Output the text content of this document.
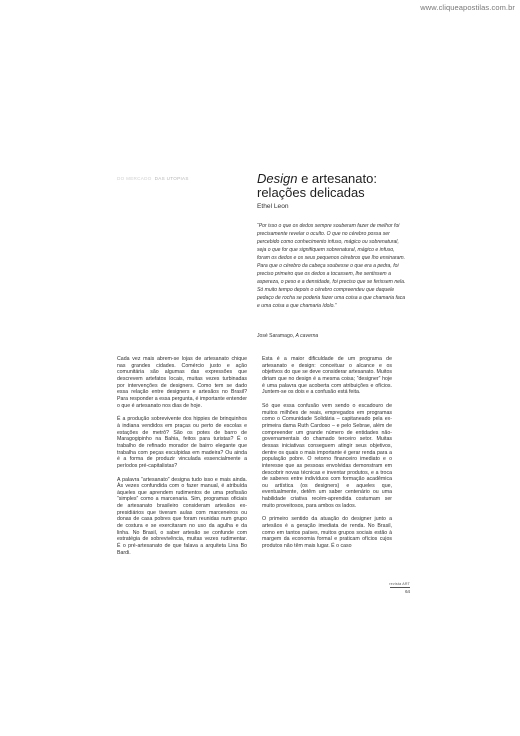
www.cliqueapostilas.com.br
DO MERCADO DAS UTOPIAS	Design e artesanato:
relações delicadas
Ethel Leon
“Por isso o que os dedos sempre souberam fazer de melhor foi precisamente revelar o oculto. O que no cérebro possa ser percebido como conhecimento infuso, mágico ou sobrenatural, seja o que for que signifiquem sobrenatural, mágico e infuso, foram os dedos e os seus pequenos cérebros que lho ensinaram. Para que o cérebro da cabeça soubesse o que era a pedra, foi preciso primeiro que os dedos a tocassem, lhe sentissem a aspereza, o peso e a densidade, foi preciso que se ferissem nela. Só muito tempo depois o cérebro compreendeu que daquele pedaço de rocha se poderia fazer uma coisa a que chamaria faca e uma coisa a que chamaria ídolo.”
José Saramago, A caverna

Cada vez mais abrem-se lojas de artesanato chique nas grandes cidades. Comércio justo e ação comunitária são algumas das expressões que descrevem artefatos locais, muitas vezes turbinadas por intervenções de designers. Como tem se dado essa relação entre designers e artesãos no Brasil? Para responder a essa pergunta, é importante entender o que é artesanato nos dias de hoje.

É a produção sobrevivente dos hippies de brinquinhos à indiana vendidos em praças ou perto de escolas e estações de metrô? São os potes de barro de Maragogipinho na Bahia, feitos para turistas? É o trabalho de refinado morador de bairro elegante que trabalha com peças esculpidas em madeira? Ou ainda é a forma de produzir vinculada essencialmente a períodos pré-capitalistas?

A palavra “artesanato” designa tudo isso e mais ainda. Às vezes confundida com o fazer manual, é atribuída àqueles que aprendem rudimentos de uma profissão “simples” como a marcenaria. Sim, programas oficiais de artesanato brasileiro consideram artesãos ex-presidiários que tiveram aulas com marceneiros ou donas de casa pobres que foram reunidas num grupo de costura e se exercitaram no uso da agulha e da linha. No Brasil, o saber artesão se confunde com estratégia de sobrevivência, muitas vezes rudimentar. É o pré-artesanato de que falava a arquiteta Lina Bo Bardi.

Esta é a maior dificuldade de um programa de artesanato e design: conceituar o alcance e os objetivos do que se deve considerar artesanato. Muitos diriam que no design é a mesma coisa; “designer” hoje é uma palavra que acoberta com atribuições e ofícios. Juntem-se os dois e a confusão está feita.

Só que essa confusão vem sendo o escadouro de muitos milhões de reais, empregados em programas como o Comunidade Solidária – capitaneado pela ex-primeira dama Ruth Cardoso – e pelo Sebrae, além de compreender um grande número de entidades não-governamentais do chamado terceiro setor. Muitas dessas iniciativas conseguem atingir seus objetivos, dentre os quais o mais importante é gerar renda para a população pobre. O retorno financeiro imediato e o interesse que as pessoas envolvidas demonstram em descobrir novas técnicas e inventar produtos, e a troca de saberes entre indivíduos com formação acadêmica ou artística (os designers) e aqueles que, eventualmente, detêm um saber centenário ou uma habilidade criativa recém-aprendida costumam ser muito proveitosos, para ambos os lados.

O primeiro sentido da atuação do designer junto a artesãos é a geração imediata de renda. No Brasil, como em tantos países, muitos grupos sociais estão à margem da economia formal e praticam ofícios cujos produtos não têm mais lugar. É o caso

revista ART
64
